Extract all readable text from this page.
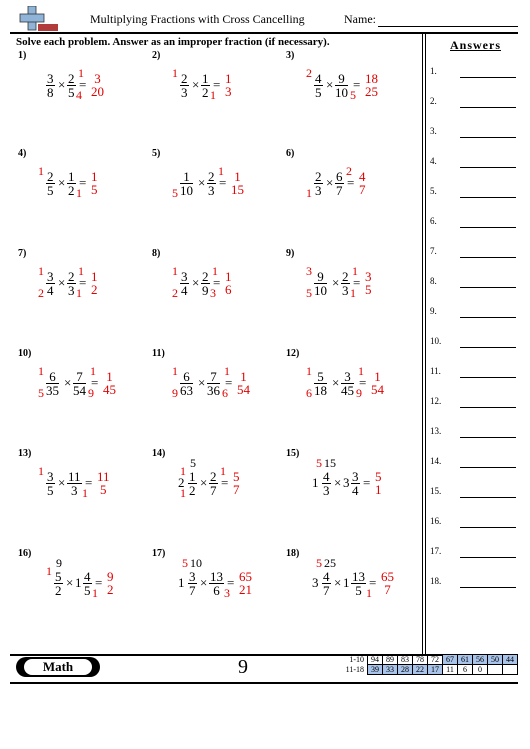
Multiplying Fractions with Cross Cancelling	Name:
Solve each problem. Answer as an improper fraction (if necessary).	Answers
1.
2.
3.
4.
5.
6.
7.
8.
9.
10.
11.
12.
13.
14.
15.
16.
17.
18.
1)
$\frac{3}{8} \times \frac{2}{5} 1$
4
= 3
20
2)
$1 \frac{2}{3} \times \frac{1}{2} 1$
= 1
3
3)
$2 \frac{4}{5} \times \frac{9}{10} 5$
= 18
25
4)
$1 \frac{2}{5} \times \frac{1}{2} 1$
= 1
5
5)
$5 \frac{1}{10} \times \frac{2}{3} 1$
= 1
15
6)
$1 \frac{2}{3} \times \frac{6}{7} 2$
= 4
7
7)
1
$2 \frac{3}{4} \times \frac{2}{3} 1$
1
= 1
2
8)
1
$2 \frac{3}{4} \times \frac{2}{9} 1$
3
= 1
6
9)
3
$5 \frac{9}{10} \times \frac{2}{3} 1$
1
= 3
5
10)
1
$5 \frac{6}{35} \times \frac{7}{54} 1$
9
= 1
45
11)
1
$9 \frac{6}{63} \times \frac{7}{36} 1$
6
= 1
54
12)
1
$6 \frac{5}{18} \times \frac{3}{45} 1$
9
= 1
54
13)
$1 \frac{3}{5} \times \frac{11}{3} 1$
= 11
5
14)
2
5
1
$1 \frac{1}{2} \times \frac{2}{7} 1$
= 5
7
15)
1
15
5
$\frac{4}{3} \times 3 \frac{3}{4} = 5$
1
16)
9
$1 \frac{5}{2} \times 1 \frac{4}{5} 1$
= 9
2
17)
1
10
5
$\frac{3}{7} \times \frac{13}{6} 3$
= 65
21
18)
3
25
5
$\frac{4}{7} \times 1 \frac{13}{5} 1$
= 65
7
Math	9	1-10	94	89	83	78	72	67	61	56	50	44
11-18	39	33	28	22	17	11	6	0		
